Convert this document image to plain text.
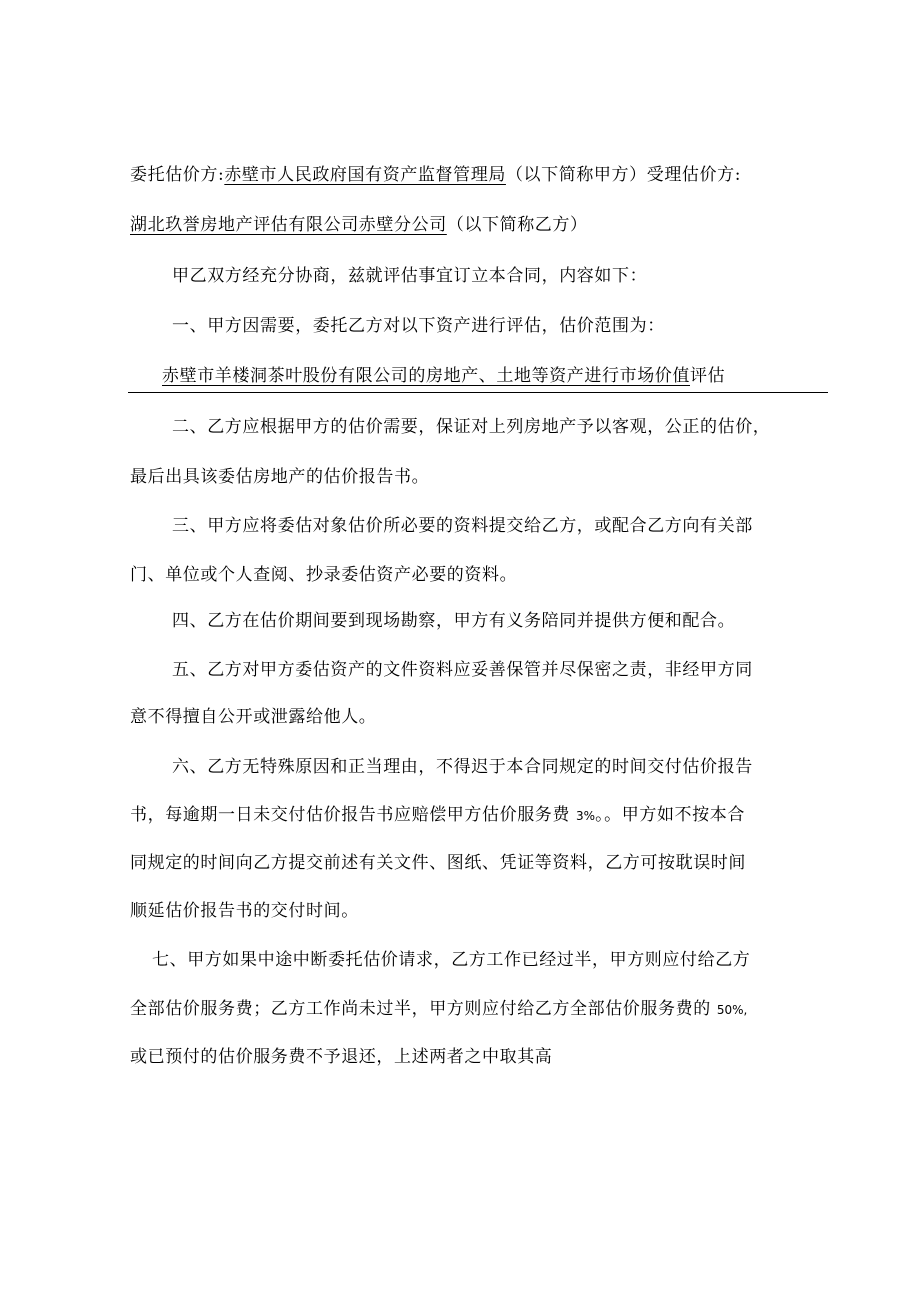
委托估价方:赤壁市人民政府国有资产监督管理局（以下简称甲方）受理估价方:
湖北玖誉房地产评估有限公司赤壁分公司（以下简称乙方）
甲乙双方经充分协商，兹就评估事宜订立本合同，内容如下：
一、甲方因需要，委托乙方对以下资产进行评估，估价范围为：
赤壁市羊楼洞茶叶股份有限公司的房地产、土地等资产进行市场价值评估
二、乙方应根据甲方的估价需要，保证对上列房地产予以客观，公正的估价，
最后出具该委估房地产的估价报告书。
三、甲方应将委估对象估价所必要的资料提交给乙方，或配合乙方向有关部
门、单位或个人查阅、抄录委估资产必要的资料。
四、乙方在估价期间要到现场勘察，甲方有义务陪同并提供方便和配合。
五、乙方对甲方委估资产的文件资料应妥善保管并尽保密之责，非经甲方同
意不得擅自公开或泄露给他人。
六、乙方无特殊原因和正当理由，不得迟于本合同规定的时间交付估价报告
书，每逾期一日未交付估价报告书应赔偿甲方估价服务费 3%。。甲方如不按本合
同规定的时间向乙方提交前述有关文件、图纸、凭证等资料，乙方可按耽误时间
顺延估价报告书的交付时间。
七、甲方如果中途中断委托估价请求，乙方工作已经过半，甲方则应付给乙方
全部估价服务费；乙方工作尚未过半，甲方则应付给乙方全部估价服务费的 50%,
或已预付的估价服务费不予退还，上述两者之中取其高
